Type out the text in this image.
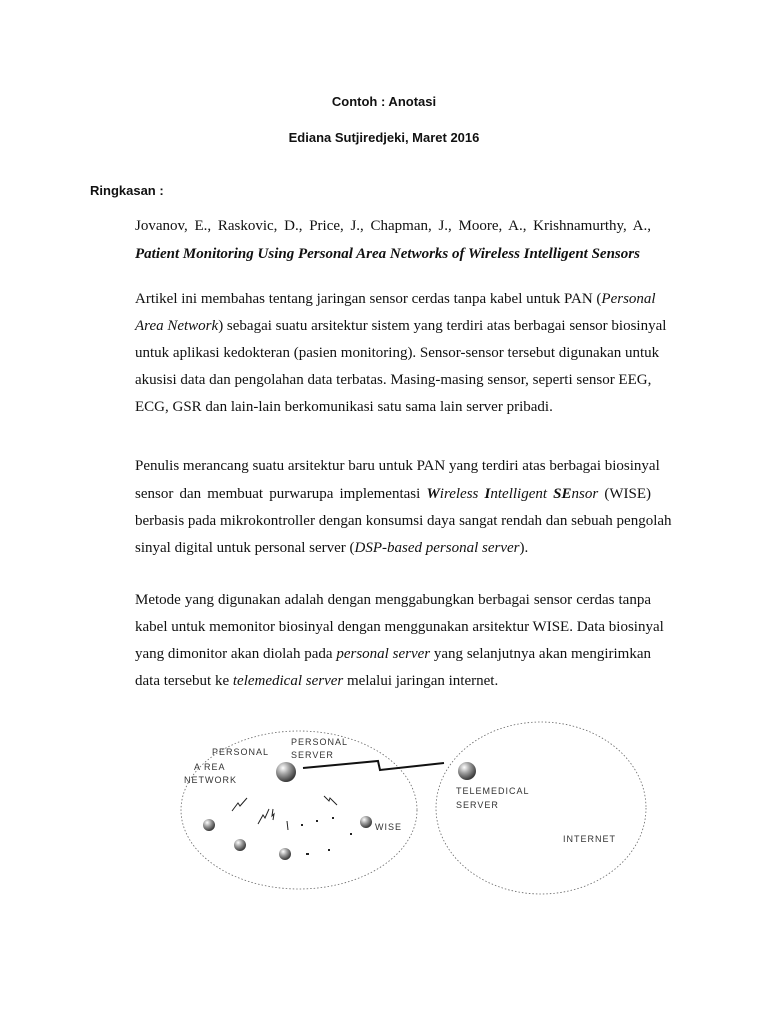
Contoh : Anotasi
Ediana Sutjiredjeki, Maret 2016
Ringkasan :
Jovanov, E., Raskovic, D., Price, J., Chapman, J., Moore, A., Krishnamurthy, A.,
Patient Monitoring Using Personal Area Networks of Wireless Intelligent Sensors
Artikel ini membahas tentang jaringan sensor cerdas tanpa kabel untuk PAN (Personal
Area Network) sebagai suatu arsitektur sistem yang terdiri atas berbagai sensor biosinyal
untuk aplikasi kedokteran (pasien monitoring). Sensor-sensor tersebut digunakan untuk
akusisi data dan pengolahan data terbatas. Masing-masing sensor, seperti sensor EEG,
ECG, GSR dan lain-lain berkomunikasi satu sama lain server pribadi.
Penulis merancang suatu arsitektur baru untuk PAN yang terdiri atas berbagai biosinyal
sensor dan membuat purwarupa implementasi Wireless Intelligent SEnsor (WISE)
berbasis pada mikrokontroller dengan konsumsi daya sangat rendah dan sebuah pengolah
sinyal digital untuk personal server (DSP-based personal server).
Metode yang digunakan adalah dengan menggabungkan berbagai sensor cerdas tanpa
kabel untuk memonitor biosinyal dengan menggunakan arsitektur WISE. Data biosinyal
yang dimonitor akan diolah pada personal server yang selanjutnya akan mengirimkan
data tersebut ke telemedical server melalui jaringan internet.
PERSONAL A REA NETWORK
PERSONAL SERVER
TELEMEDICAL SERVER
WISE
INTERNET
